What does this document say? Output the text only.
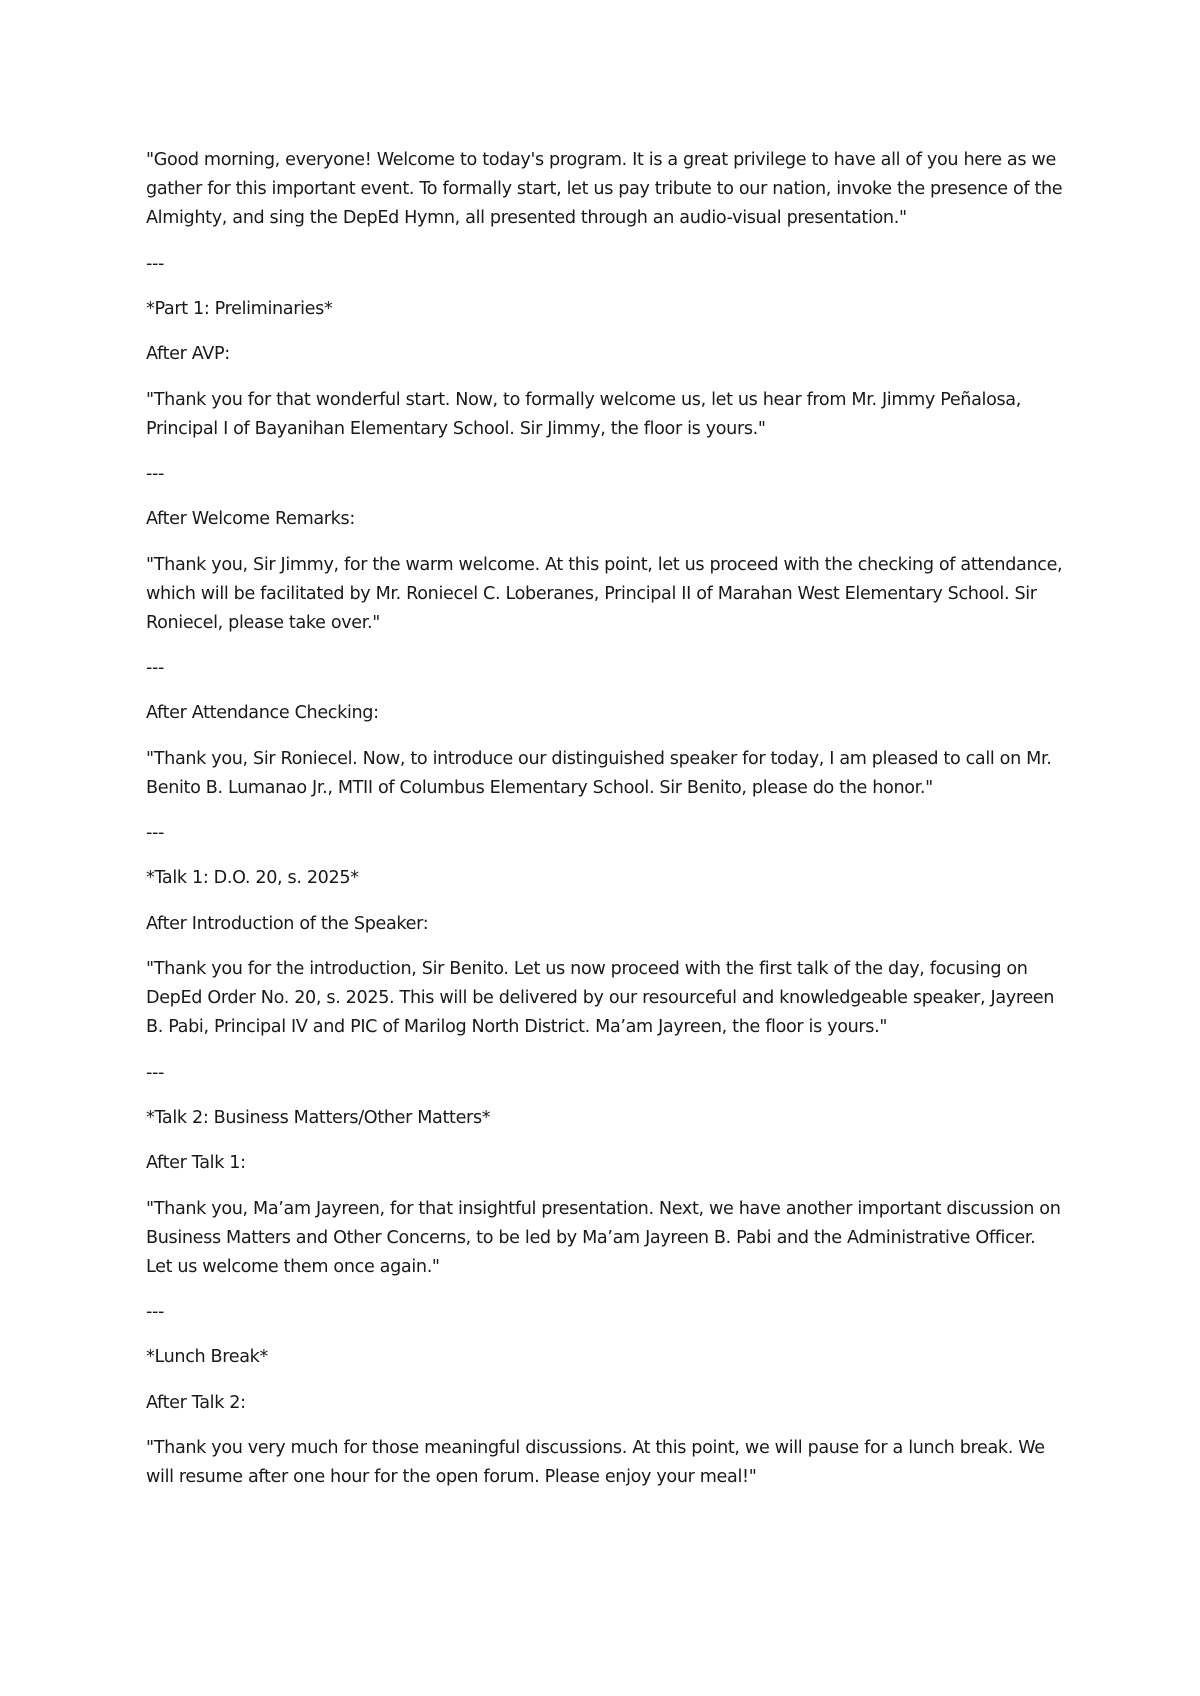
"Good morning, everyone! Welcome to today's program. It is a great privilege to have all of you here as we gather for this important event. To formally start, let us pay tribute to our nation, invoke the presence of the Almighty, and sing the DepEd Hymn, all presented through an audio-visual presentation."

---

*Part 1: Preliminaries*

After AVP:

"Thank you for that wonderful start. Now, to formally welcome us, let us hear from Mr. Jimmy Peñalosa, Principal I of Bayanihan Elementary School. Sir Jimmy, the floor is yours."

---

After Welcome Remarks:

"Thank you, Sir Jimmy, for the warm welcome. At this point, let us proceed with the checking of attendance, which will be facilitated by Mr. Roniecel C. Loberanes, Principal II of Marahan West Elementary School. Sir Roniecel, please take over."

---

After Attendance Checking:

"Thank you, Sir Roniecel. Now, to introduce our distinguished speaker for today, I am pleased to call on Mr. Benito B. Lumanao Jr., MTII of Columbus Elementary School. Sir Benito, please do the honor."

---

*Talk 1: D.O. 20, s. 2025*

After Introduction of the Speaker:

"Thank you for the introduction, Sir Benito. Let us now proceed with the first talk of the day, focusing on DepEd Order No. 20, s. 2025. This will be delivered by our resourceful and knowledgeable speaker, Jayreen B. Pabi, Principal IV and PIC of Marilog North District. Ma’am Jayreen, the floor is yours."

---

*Talk 2: Business Matters/Other Matters*

After Talk 1:

"Thank you, Ma’am Jayreen, for that insightful presentation. Next, we have another important discussion on Business Matters and Other Concerns, to be led by Ma’am Jayreen B. Pabi and the Administrative Officer. Let us welcome them once again."

---

*Lunch Break*

After Talk 2:

"Thank you very much for those meaningful discussions. At this point, we will pause for a lunch break. We will resume after one hour for the open forum. Please enjoy your meal!"
